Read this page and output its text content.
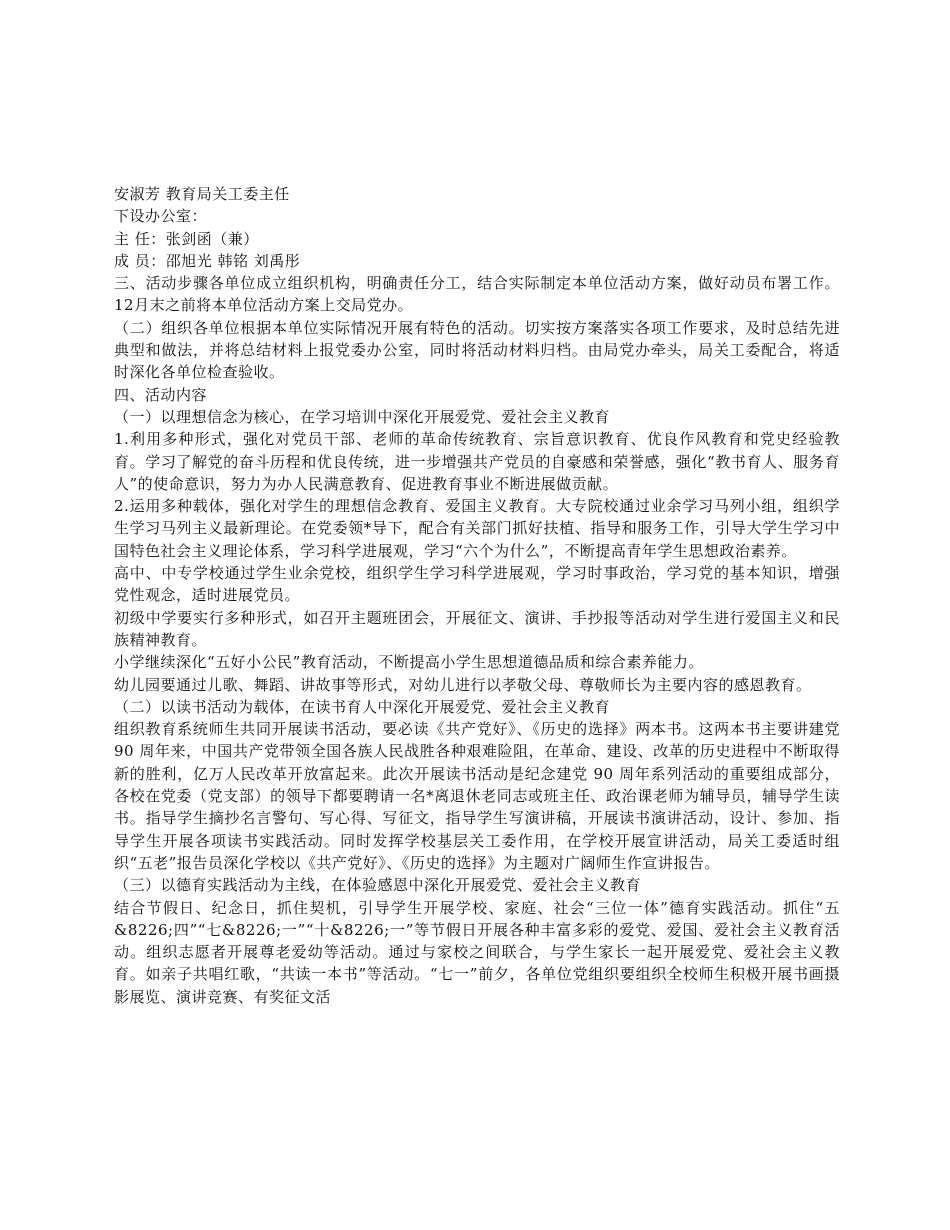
安淑芳 教育局关工委主任

下设办公室：

主 任：张剑函（兼）

成 员：邵旭光 韩铭 刘禹彤

三、活动步骤各单位成立组织机构，明确责任分工，结合实际制定本单位活动方案，做好动员布署工作。12月末之前将本单位活动方案上交局党办。

（二）组织各单位根据本单位实际情况开展有特色的活动。切实按方案落实各项工作要求，及时总结先进典型和做法，并将总结材料上报党委办公室，同时将活动材料归档。由局党办牵头，局关工委配合，将适时深化各单位检查验收。

四、活动内容

（一）以理想信念为核心，在学习培训中深化开展爱党、爱社会主义教育

1.利用多种形式，强化对党员干部、老师的革命传统教育、宗旨意识教育、优良作风教育和党史经验教育。学习了解党的奋斗历程和优良传统，进一步增强共产党员的自豪感和荣誉感，强化“教书育人、服务育人”的使命意识，努力为办人民满意教育、促进教育事业不断进展做贡献。

2.运用多种载体，强化对学生的理想信念教育、爱国主义教育。大专院校通过业余学习马列小组，组织学生学习马列主义最新理论。在党委领*导下，配合有关部门抓好扶植、指导和服务工作，引导大学生学习中国特色社会主义理论体系，学习科学进展观，学习“六个为什么”，不断提高青年学生思想政治素养。

高中、中专学校通过学生业余党校，组织学生学习科学进展观，学习时事政治，学习党的基本知识，增强党性观念，适时进展党员。

初级中学要实行多种形式，如召开主题班团会，开展征文、演讲、手抄报等活动对学生进行爱国主义和民族精神教育。

小学继续深化“五好小公民”教育活动，不断提高小学生思想道德品质和综合素养能力。

幼儿园要通过儿歌、舞蹈、讲故事等形式，对幼儿进行以孝敬父母、尊敬师长为主要内容的感恩教育。

（二）以读书活动为载体，在读书育人中深化开展爱党、爱社会主义教育

组织教育系统师生共同开展读书活动，要必读《共产党好》、《历史的选择》两本书。这两本书主要讲建党 90 周年来，中国共产党带领全国各族人民战胜各种艰难险阻，在革命、建设、改革的历史进程中不断取得新的胜利，亿万人民改革开放富起来。此次开展读书活动是纪念建党 90 周年系列活动的重要组成部分，各校在党委（党支部）的领导下都要聘请一名*离退休老同志或班主任、政治课老师为辅导员，辅导学生读书。指导学生摘抄名言警句、写心得、写征文，指导学生写演讲稿，开展读书演讲活动，设计、参加、指导学生开展各项读书实践活动。同时发挥学校基层关工委作用，在学校开展宣讲活动，局关工委适时组织“五老”报告员深化学校以《共产党好》、《历史的选择》为主题对广阔师生作宣讲报告。

（三）以德育实践活动为主线，在体验感恩中深化开展爱党、爱社会主义教育

结合节假日、纪念日，抓住契机，引导学生开展学校、家庭、社会“三位一体”德育实践活动。抓住“五&8226;四”“七&8226;一”“十&8226;一”等节假日开展各种丰富多彩的爱党、爱国、爱社会主义教育活动。组织志愿者开展尊老爱幼等活动。通过与家校之间联合，与学生家长一起开展爱党、爱社会主义教育。如亲子共唱红歌，“共读一本书”等活动。“七一”前夕，各单位党组织要组织全校师生积极开展书画摄影展览、演讲竞赛、有奖征文活
